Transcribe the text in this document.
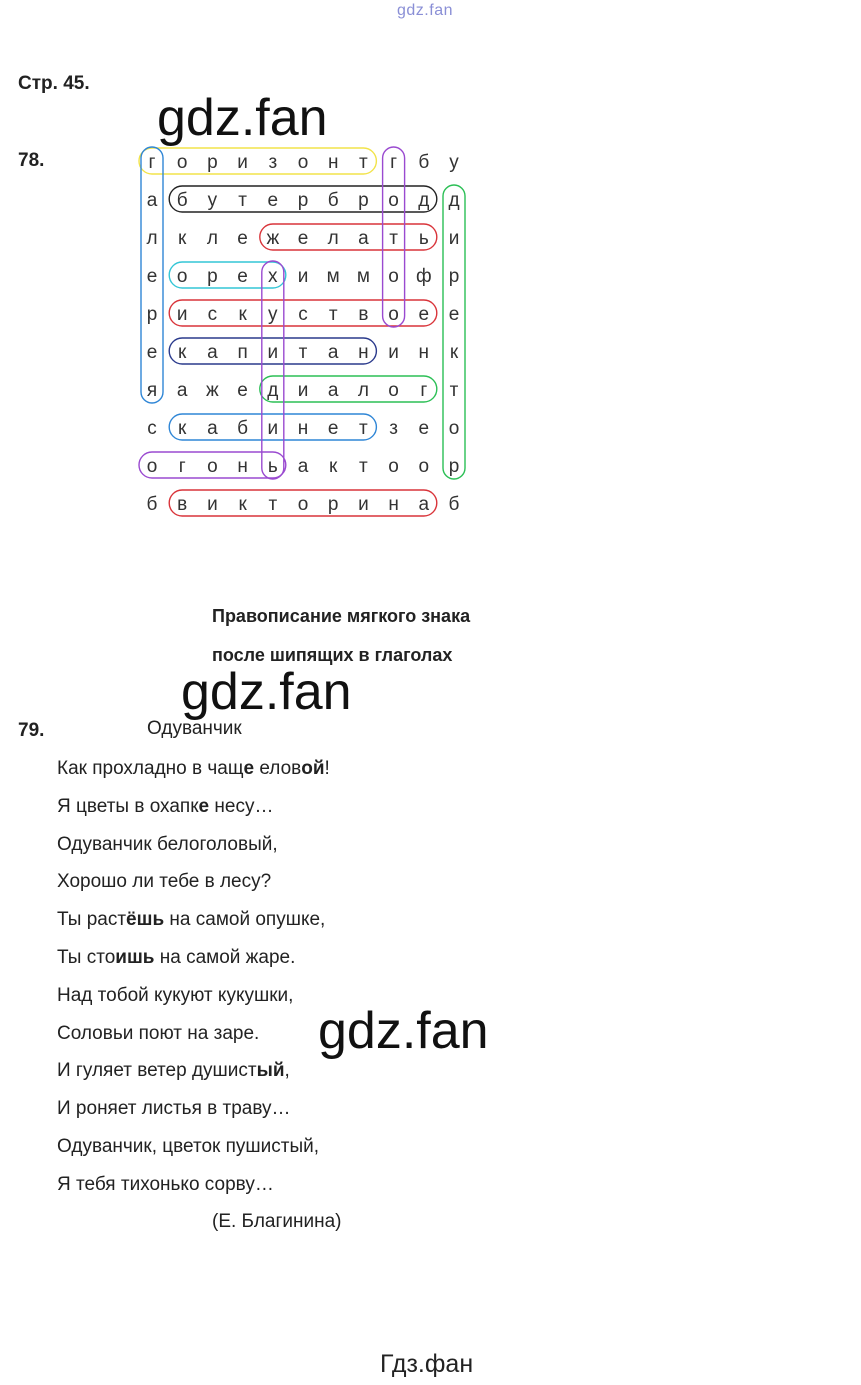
gdz.fan
Стр. 45.
gdz.fan
78.	г о р и з о н т г б у
а б у т е р б р о д д
л к л е ж е л а т ь и
е о р е х и м м о ф р
р и с к у с т в о е е
е к а п и т а н и н к
я а ж е д и а л о г т
с к а б и н е т з е о
о г о н ь а к т о о р
б в и к т о р и н а б
Правописание мягкого знака
после шипящих в глаголах
gdz.fan
79.	Одуванчик
Как прохладно в чаще еловой!
Я цветы в охапке несу…
Одуванчик белоголовый,
Хорошо ли тебе в лесу?
Ты растёшь на самой опушке,
Ты стоишь на самой жаре.
Над тобой кукуют кукушки,
Соловьи поют на заре.
И гуляет ветер душистый,
И роняет листья в траву…
Одуванчик, цветок пушистый,
Я тебя тихонько сорву…
gdz.fan
(Е. Благинина)
Гдз.фан
